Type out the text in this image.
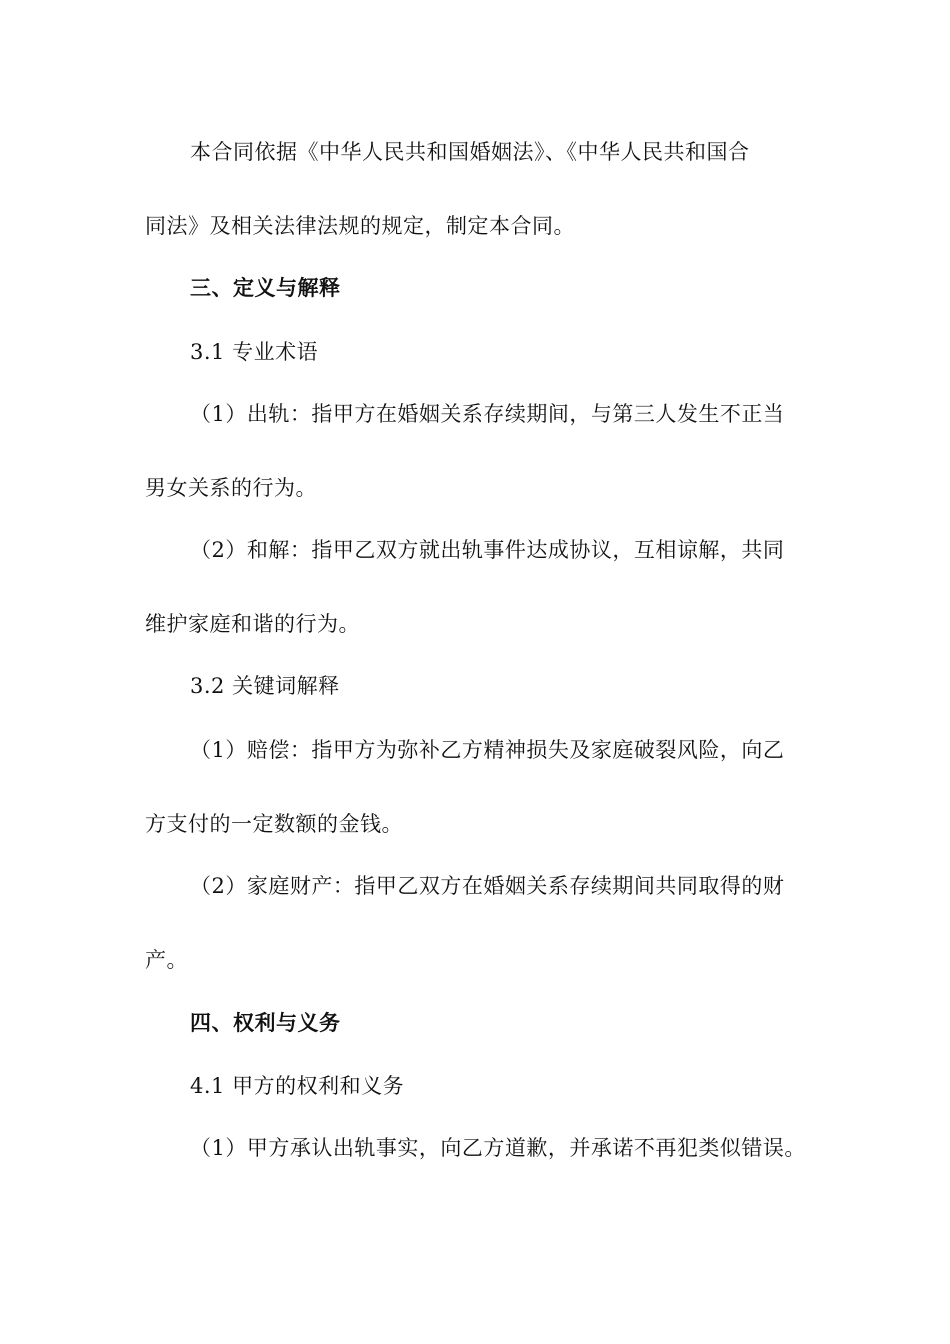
本合同依据《中华人民共和国婚姻法》、《中华人民共和国合
同法》及相关法律法规的规定，制定本合同。
三、定义与解释
3.1 专业术语
（1）出轨：指甲方在婚姻关系存续期间，与第三人发生不正当
男女关系的行为。
（2）和解：指甲乙双方就出轨事件达成协议，互相谅解，共同
维护家庭和谐的行为。
3.2 关键词解释
（1）赔偿：指甲方为弥补乙方精神损失及家庭破裂风险，向乙
方支付的一定数额的金钱。
（2）家庭财产：指甲乙双方在婚姻关系存续期间共同取得的财
产。
四、权利与义务
4.1 甲方的权利和义务
（1）甲方承认出轨事实，向乙方道歉，并承诺不再犯类似错误。
